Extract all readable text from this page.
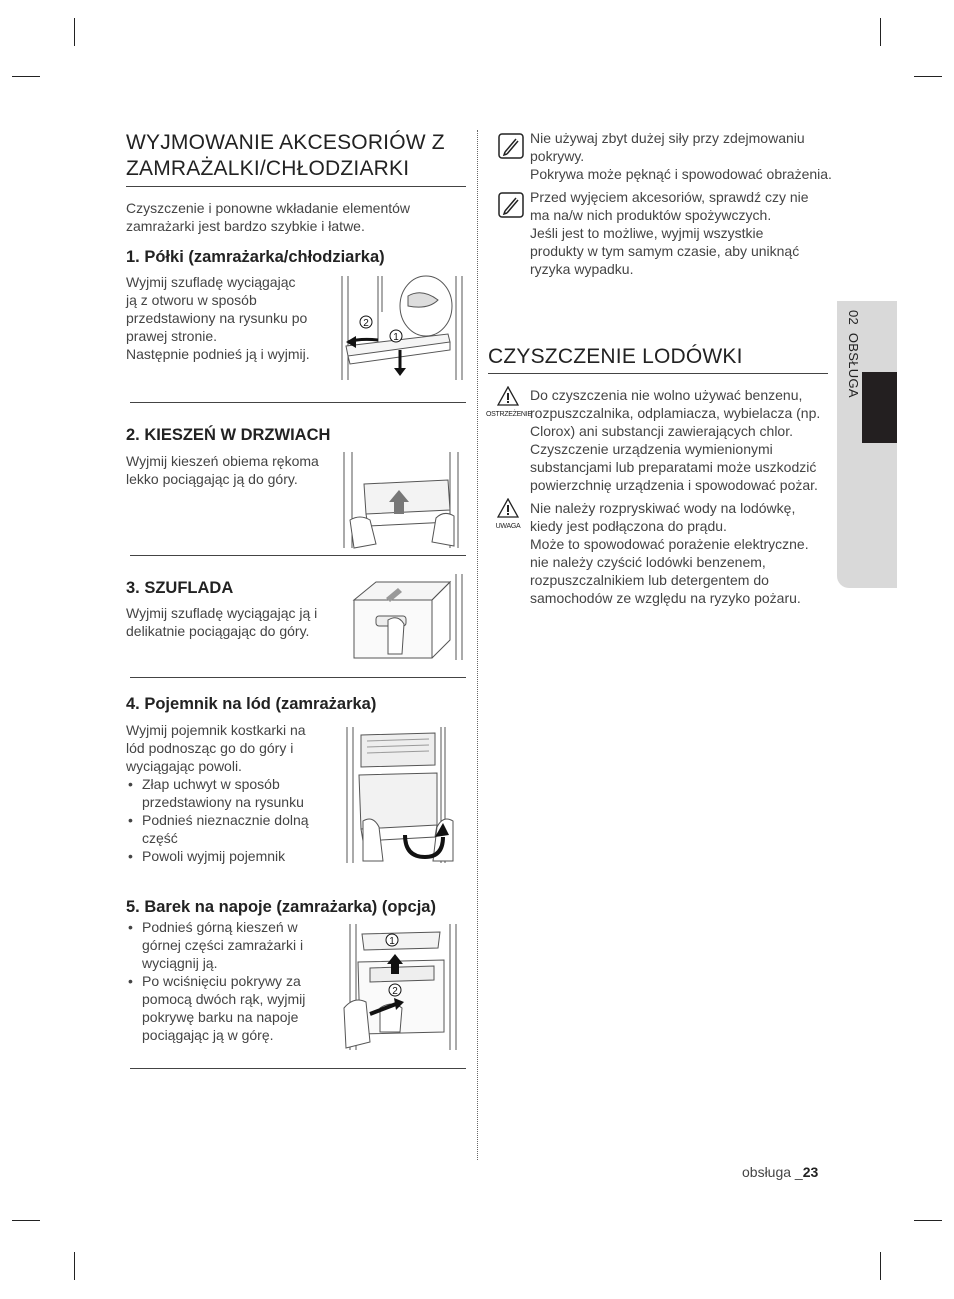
WYJMOWANIE AKCESORIÓW Z
ZAMRAŻALKI/CHŁODZIARKI
Czyszczenie i ponowne wkładanie elementów zamrażarki jest bardzo szybkie i łatwe.
1. Półki (zamrażarka/chłodziarka)
Wyjmij szufladę wyciągając
ją z otworu w sposób
przedstawiony na rysunku po
prawej stronie.
Następnie podnieś ją i wyjmij.
2
1
2. KIESZEŃ W DRZWIACH
Wyjmij kieszeń obiema rękoma
lekko pociągając ją do góry.
3. SZUFLADA
Wyjmij szufladę wyciągając ją i
delikatnie pociągając do góry.
4. Pojemnik na lód (zamrażarka)
Wyjmij pojemnik kostkarki na
lód podnosząc go do góry i
wyciągając powoli.
• Złap uchwyt w sposób
przedstawiony na rysunku
• Podnieś nieznacznie dolną
część
• Powoli wyjmij pojemnik
5. Barek na napoje (zamrażarka) (opcja)
• Podnieś górną kieszeń w
górnej części zamrażarki i
wyciągnij ją.
• Po wciśnięciu pokrywy za
pomocą dwóch rąk, wyjmij
pokrywę barku na napoje
pociągając ją w górę.
1
2
Nie używaj zbyt dużej siły przy zdejmowaniu
pokrywy.
Pokrywa może pęknąć i spowodować obrażenia.
Przed wyjęciem akcesoriów, sprawdź czy nie
ma na/w nich produktów spożywczych.
Jeśli jest to możliwe, wyjmij wszystkie
produkty w tym samym czasie, aby uniknąć
ryzyka wypadku.
CZYSZCZENIE LODÓWKI
OSTRZEŻENIE
Do czyszczenia nie wolno używać benzenu,
rozpuszczalnika, odplamiacza, wybielacza (np.
Clorox) ani substancji zawierających chlor.
Czyszczenie urządzenia wymienionymi
substancjami lub preparatami może uszkodzić
powierzchnię urządzenia i spowodować pożar.
UWAGA
Nie należy rozpryskiwać wody na lodówkę,
kiedy jest podłączona do prądu.
Może to spowodować porażenie elektryczne.
nie należy czyścić lodówki benzenem,
rozpuszczalnikiem lub detergentem do
samochodów ze względu na ryzyko pożaru.
02  OBSŁUGA
obsługa _23
